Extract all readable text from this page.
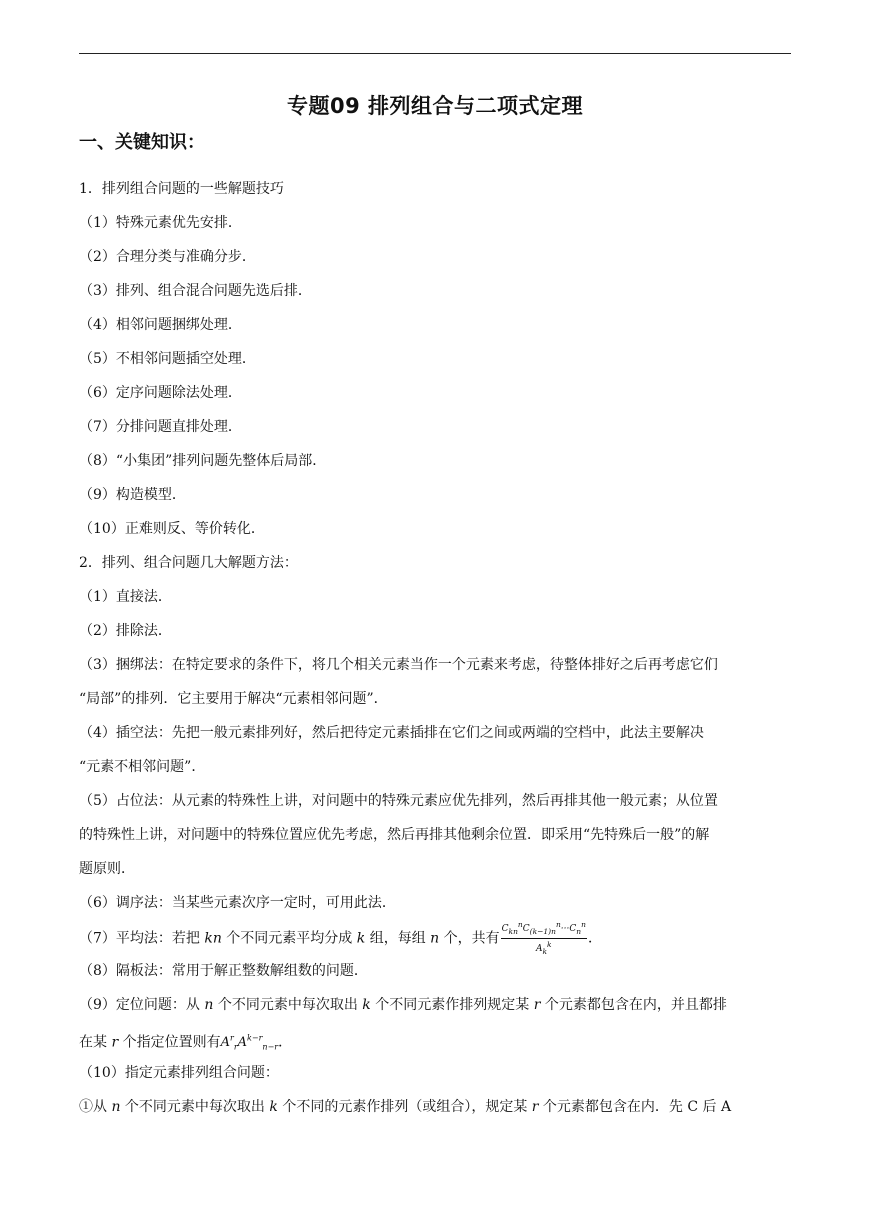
专题09 排列组合与二项式定理
一、关键知识：
1．排列组合问题的一些解题技巧
（1）特殊元素优先安排．
（2）合理分类与准确分步．
（3）排列、组合混合问题先选后排．
（4）相邻问题捆绑处理．
（5）不相邻问题插空处理．
（6）定序问题除法处理．
（7）分排问题直排处理．
（8）“小集团”排列问题先整体后局部．
（9）构造模型．
（10）正难则反、等价转化．
2．排列、组合问题几大解题方法：
（1）直接法．
（2）排除法．
（3）捆绑法：在特定要求的条件下，将几个相关元素当作一个元素来考虑，待整体排好之后再考虑它们
“局部”的排列．它主要用于解决“元素相邻问题”．
（4）插空法：先把一般元素排列好，然后把待定元素插排在它们之间或两端的空档中，此法主要解决
“元素不相邻问题”．
（5）占位法：从元素的特殊性上讲，对问题中的特殊元素应优先排列，然后再排其他一般元素；从位置
的特殊性上讲，对问题中的特殊位置应优先考虑，然后再排其他剩余位置．即采用“先特殊后一般”的解
题原则．
（6）调序法：当某些元素次序一定时，可用此法．
（7）平均法：若把 kn 个不同元素平均分成 k 组，每组 n 个，共有 $\frac{C_{kn}^nC_{(k-1)n}^n\cdot\cdot\cdot C_n^n}{A_k^k}$ ．
（8）隔板法：常用于解正整数解组数的问题．
（9）定位问题：从 n 个不同元素中每次取出 k 个不同元素作排列规定某 r 个元素都包含在内，并且都排
在某 r 个指定位置则有$A^r_rA^{k-r}_{n-r}$．
（10）指定元素排列组合问题：
①从 n 个不同元素中每次取出 k 个不同的元素作排列（或组合），规定某 r 个元素都包含在内．先 C 后 A
